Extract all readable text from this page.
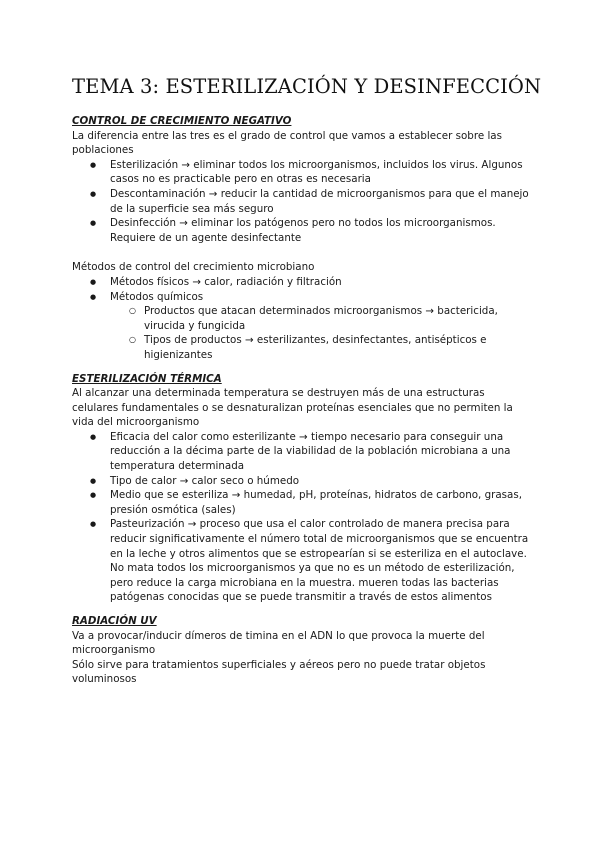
TEMA 3: ESTERILIZACIÓN Y DESINFECCIÓN
CONTROL DE CRECIMIENTO NEGATIVO

La diferencia entre las tres es el grado de control que vamos a establecer sobre las poblaciones

● Esterilización → eliminar todos los microorganismos, incluidos los virus. Algunos casos no es practicable pero en otras es necesaria
● Descontaminación → reducir la cantidad de microorganismos para que el manejo de la superficie sea más seguro
● Desinfección → eliminar los patógenos pero no todos los microorganismos. Requiere de un agente desinfectante

Métodos de control del crecimiento microbiano

● Métodos físicos → calor, radiación y filtración
● Métodos químicos
○ Productos que atacan determinados microorganismos → bactericida, virucida y fungicida
○ Tipos de productos → esterilizantes, desinfectantes, antisépticos e higienizantes
ESTERILIZACIÓN TÉRMICA

Al alcanzar una determinada temperatura se destruyen más de una estructuras celulares fundamentales o se desnaturalizan proteínas esenciales que no permiten la vida del microorganismo

● Eficacia del calor como esterilizante → tiempo necesario para conseguir una reducción a la décima parte de la viabilidad de la población microbiana a una temperatura determinada
● Tipo de calor → calor seco o húmedo
● Medio que se esteriliza → humedad, pH, proteínas, hidratos de carbono, grasas, presión osmótica (sales)
● Pasteurización → proceso que usa el calor controlado de manera precisa para reducir significativamente el número total de microorganismos que se encuentra en la leche y otros alimentos que se estropearían si se esteriliza en el autoclave. No mata todos los microorganismos ya que no es un método de esterilización, pero reduce la carga microbiana en la muestra. mueren todas las bacterias patógenas conocidas que se puede transmitir a través de estos alimentos
RADIACIÓN UV

Va a provocar/inducir dímeros de timina en el ADN lo que provoca la muerte del microorganismo

Sólo sirve para tratamientos superficiales y aéreos pero no puede tratar objetos voluminosos
